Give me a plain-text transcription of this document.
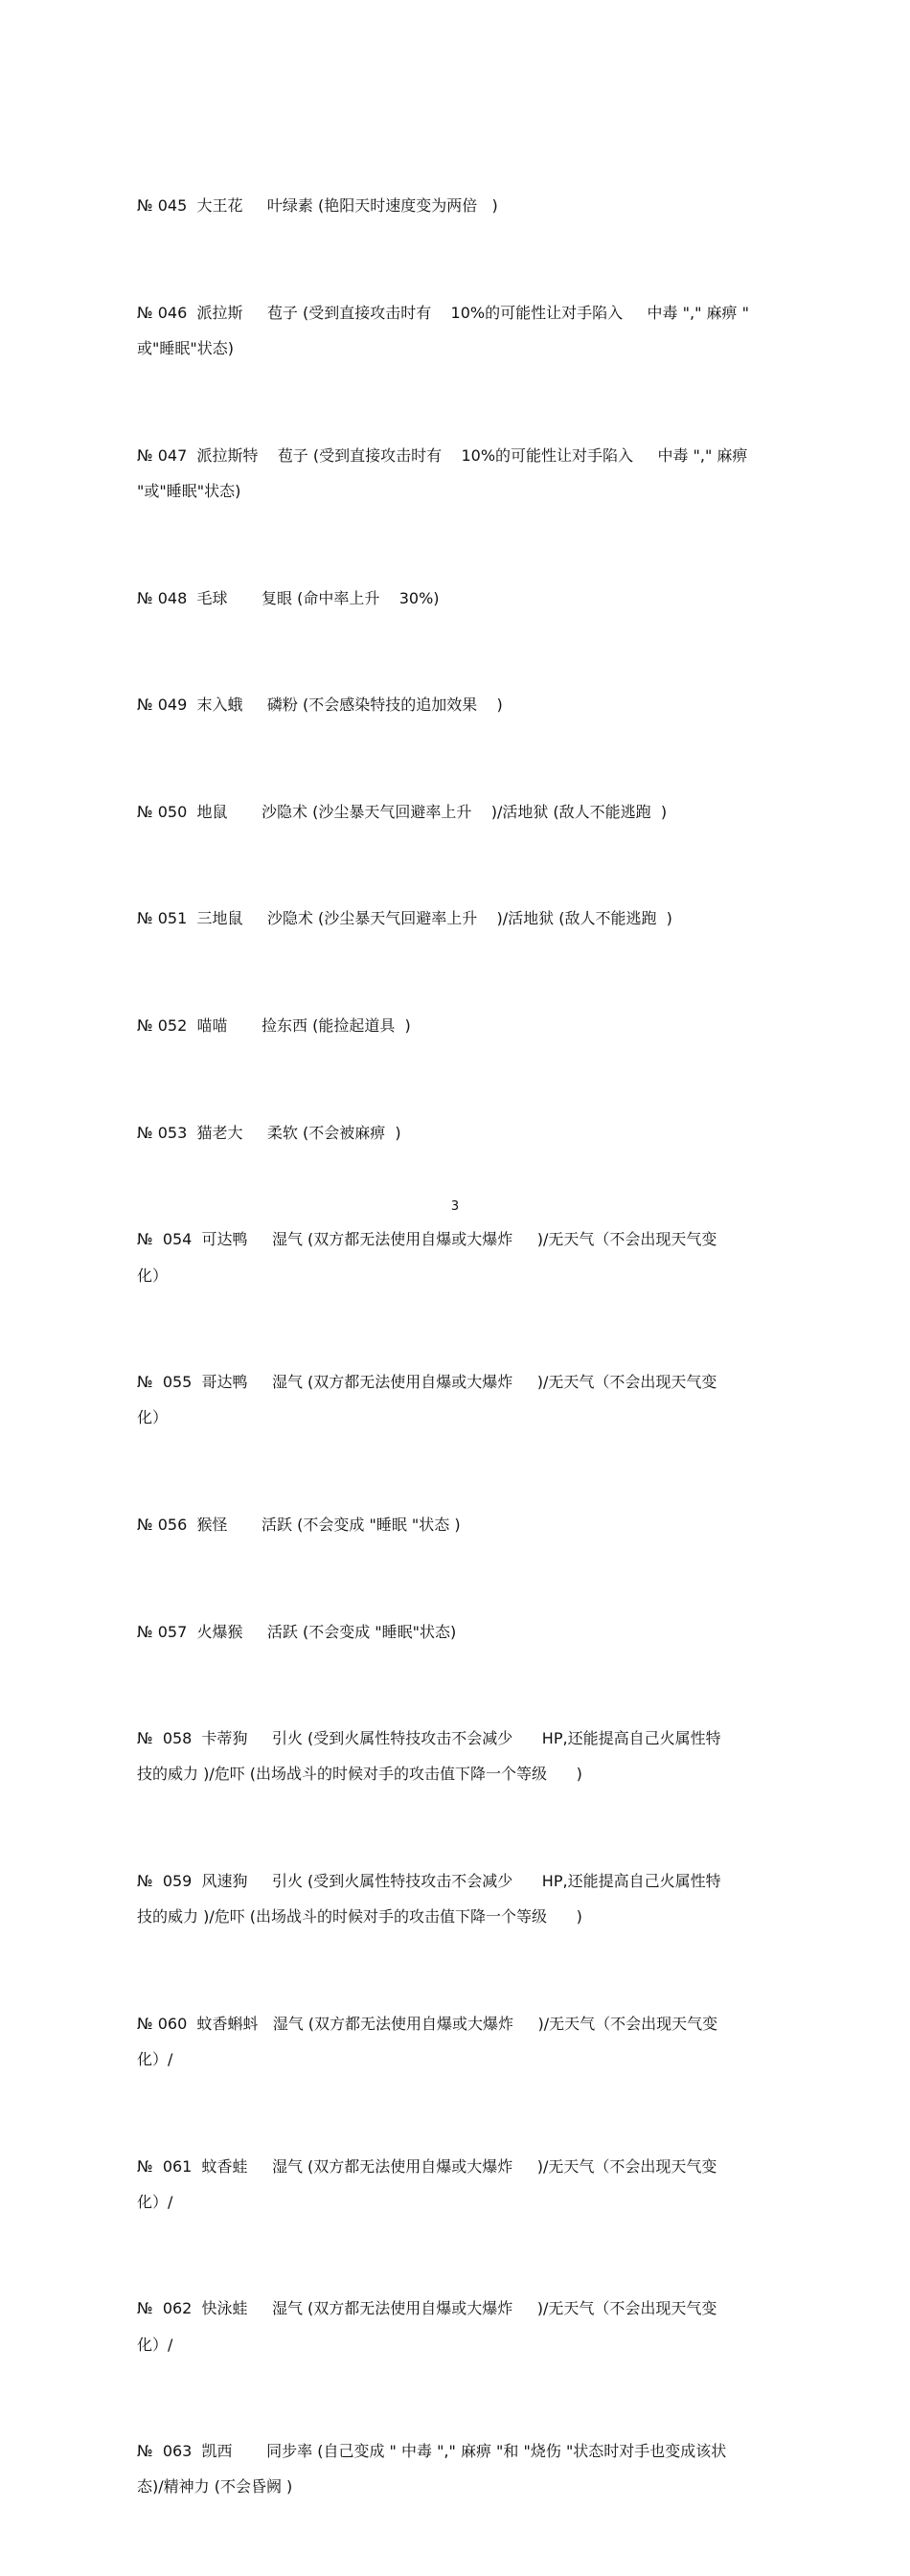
№ 045  大王花     叶绿素 (艳阳天时速度变为两倍   )

№ 046  派拉斯     苞子 (受到直接攻击时有    10%的可能性让对手陷入     中毒 "," 麻痹 "
或"睡眠"状态)

№ 047  派拉斯特    苞子 (受到直接攻击时有    10%的可能性让对手陷入     中毒 "," 麻痹
"或"睡眠"状态)

№ 048  毛球       复眼 (命中率上升    30%)

№ 049  末入蛾     磷粉 (不会感染特技的追加效果    )

№ 050  地鼠       沙隐术 (沙尘暴天气回避率上升    )/活地狱 (敌人不能逃跑  )

№ 051  三地鼠     沙隐术 (沙尘暴天气回避率上升    )/活地狱 (敌人不能逃跑  )

№ 052  喵喵       捡东西 (能捡起道具  )

№ 053  猫老大     柔软 (不会被麻痹  )

№  054  可达鸭     湿气 (双方都无法使用自爆或大爆炸     )/无天气（不会出现天气变
化）

№  055  哥达鸭     湿气 (双方都无法使用自爆或大爆炸     )/无天气（不会出现天气变
化）

№ 056  猴怪       活跃 (不会变成 "睡眠 "状态 )

№ 057  火爆猴     活跃 (不会变成 "睡眠"状态)

№  058  卡蒂狗     引火 (受到火属性特技攻击不会减少      HP,还能提高自己火属性特
技的威力 )/危吓 (出场战斗的时候对手的攻击值下降一个等级      )

№  059  风速狗     引火 (受到火属性特技攻击不会减少      HP,还能提高自己火属性特
技的威力 )/危吓 (出场战斗的时候对手的攻击值下降一个等级      )

№ 060  蚊香蝌蚪   湿气 (双方都无法使用自爆或大爆炸     )/无天气（不会出现天气变
化）/

№  061  蚊香蛙     湿气 (双方都无法使用自爆或大爆炸     )/无天气（不会出现天气变
化）/

№  062  快泳蛙     湿气 (双方都无法使用自爆或大爆炸     )/无天气（不会出现天气变
化）/

№  063  凯西       同步率 (自己变成 " 中毒 "," 麻痹 "和 "烧伤 "状态时对手也变成该状
态)/精神力 (不会昏阙 )

3
